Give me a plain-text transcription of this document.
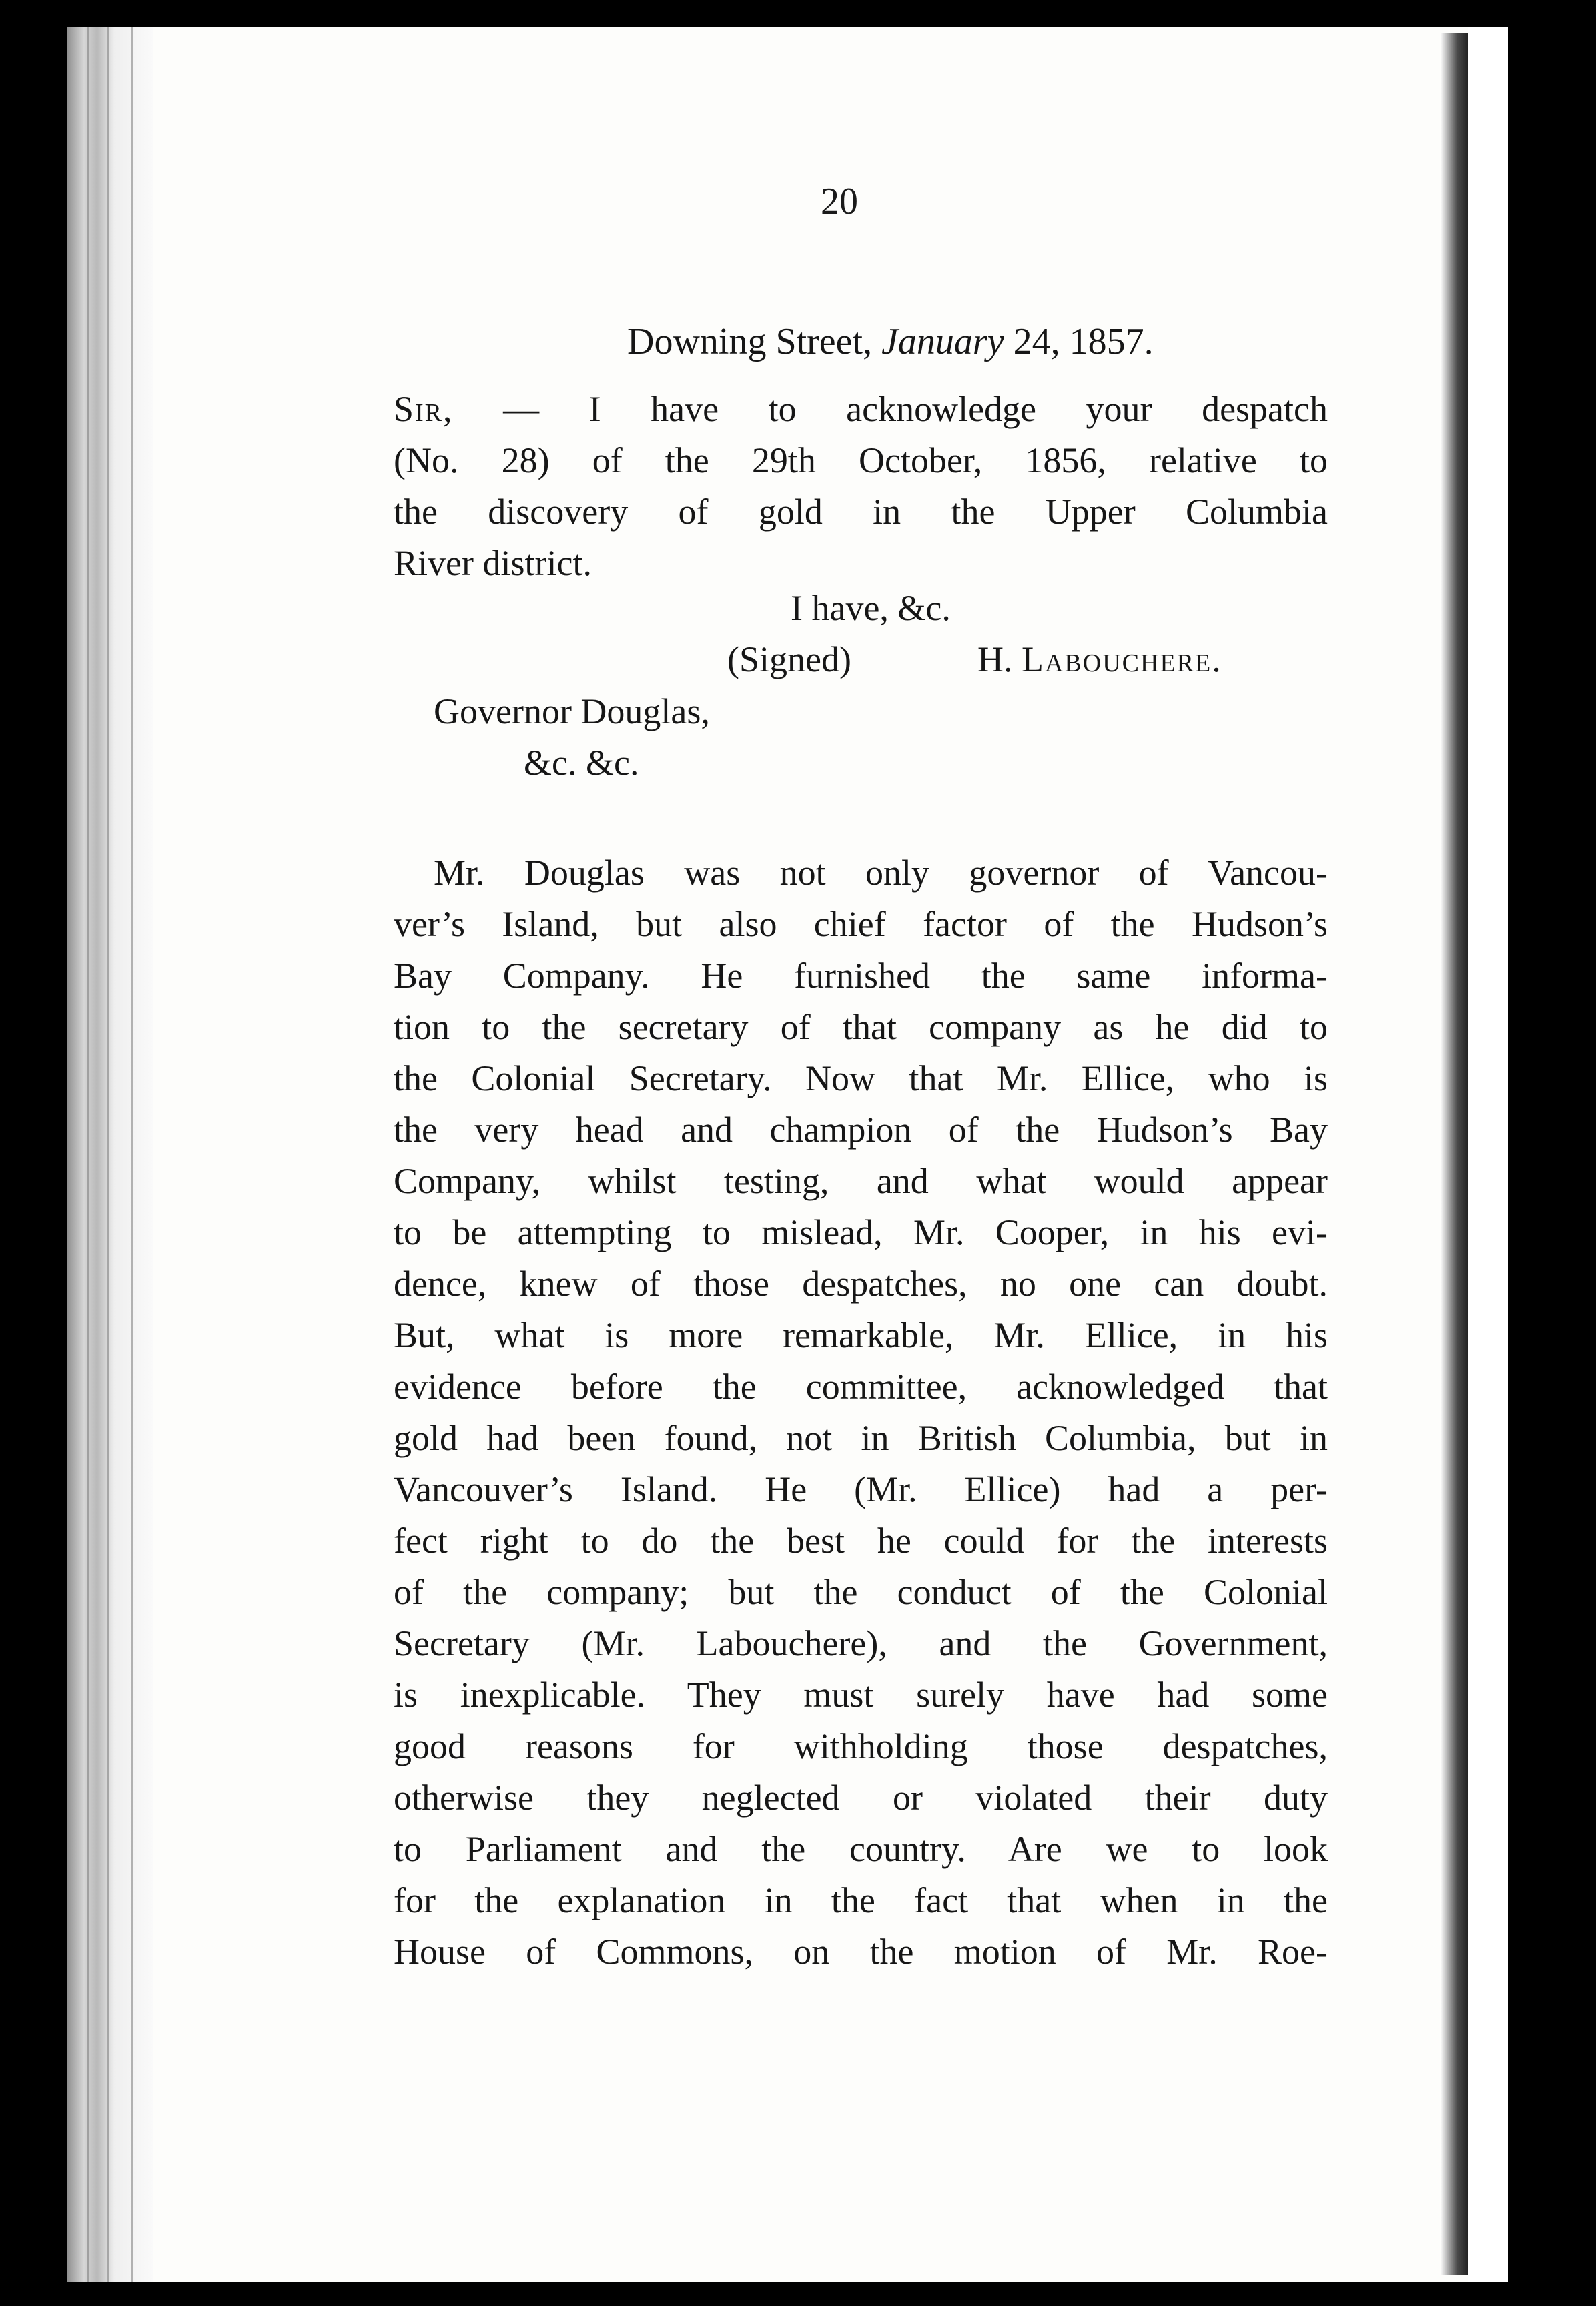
20
Downing Street, January 24, 1857.
Sir, — I have to acknowledge your despatch
(No. 28) of the 29th October, 1856, relative to
the discovery of gold in the Upper Columbia
River district.
I have, &c.
(Signed)	H. Labouchere.
Governor Douglas,
&c. &c.
Mr. Douglas was not only governor of Vancou-
ver’s Island, but also chief factor of the Hudson’s
Bay Company. He furnished the same informa-
tion to the secretary of that company as he did to
the Colonial Secretary. Now that Mr. Ellice, who is
the very head and champion of the Hudson’s Bay
Company, whilst testing, and what would appear
to be attempting to mislead, Mr. Cooper, in his evi-
dence, knew of those despatches, no one can doubt.
But, what is more remarkable, Mr. Ellice, in his
evidence before the committee, acknowledged that
gold had been found, not in British Columbia, but in
Vancouver’s Island. He (Mr. Ellice) had a per-
fect right to do the best he could for the interests
of the company; but the conduct of the Colonial
Secretary (Mr. Labouchere), and the Government,
is inexplicable. They must surely have had some
good reasons for withholding those despatches,
otherwise they neglected or violated their duty
to Parliament and the country. Are we to look
for the explanation in the fact that when in the
House of Commons, on the motion of Mr. Roe-
